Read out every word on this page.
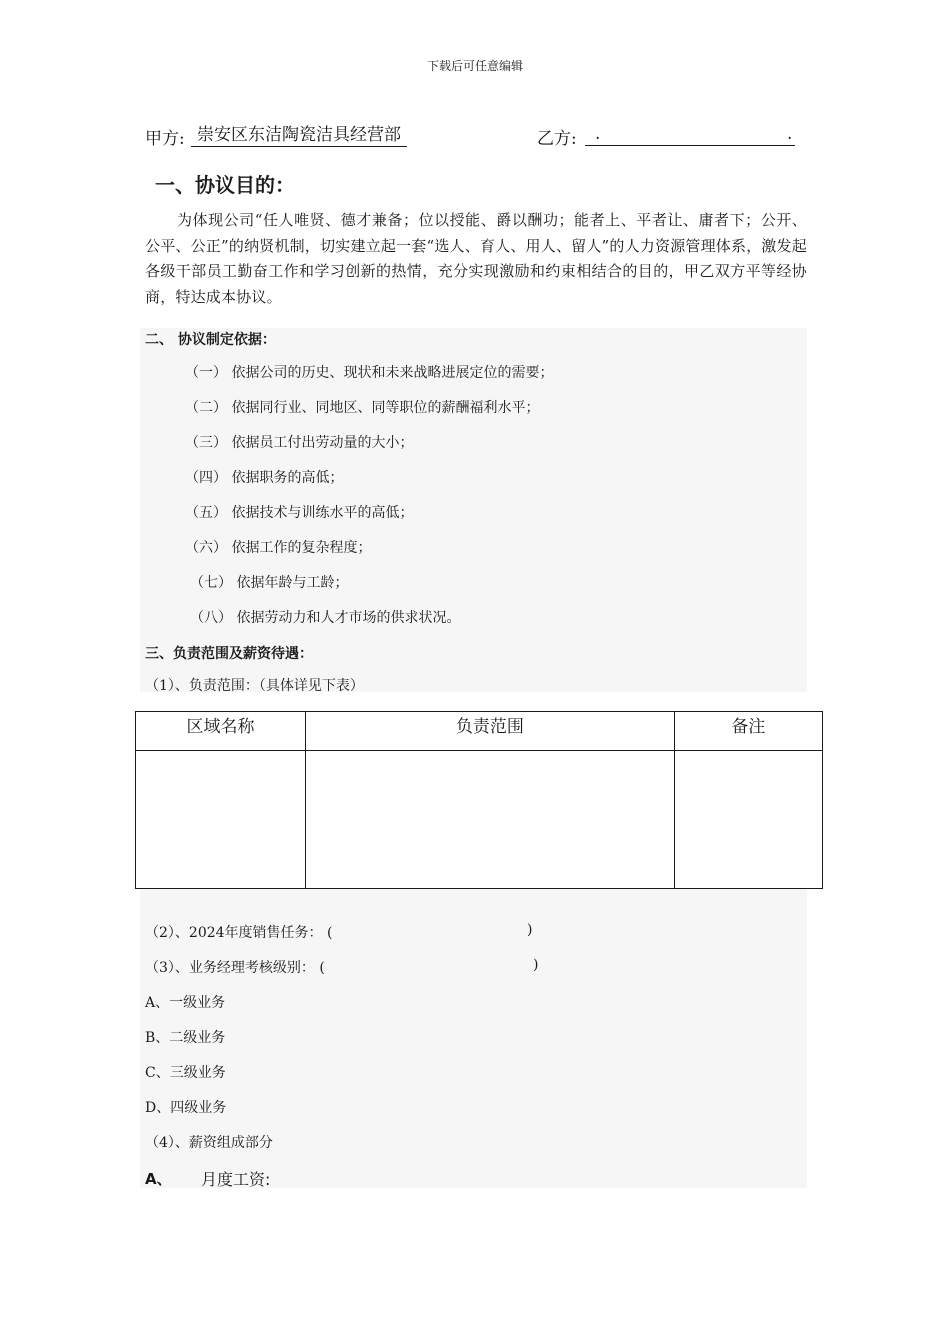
下载后可任意编辑
甲方: 崇安区东洁陶瓷洁具经营部	乙方: .	.
一、协议目的：
为体现公司“任人唯贤、德才兼备；位以授能、爵以酬功；能者上、平者让、庸者下；公开、公平、公正”的纳贤机制，切实建立起一套“选人、育人、用人、留人”的人力资源管理体系，激发起各级干部员工勤奋工作和学习创新的热情，充分实现激励和约束相结合的目的，甲乙双方平等经协商，特达成本协议。
二、 协议制定依据：
（一） 依据公司的历史、现状和未来战略进展定位的需要；
（二） 依据同行业、同地区、同等职位的薪酬福利水平；
（三） 依据员工付出劳动量的大小；
（四） 依据职务的高低；
（五） 依据技术与训练水平的高低；
（六） 依据工作的复杂程度；
（七） 依据年龄与工龄；
（八） 依据劳动力和人才市场的供求状况。
三、负责范围及薪资待遇：
（1）、负责范围：（具体详见下表）
区域名称	负责范围	备注

（2）、2024年度销售任务： (	)
（3）、业务经理考核级别： (	)
A、一级业务
B、二级业务
C、三级业务
D、四级业务
（4）、薪资组成部分
A、 月度工资:
